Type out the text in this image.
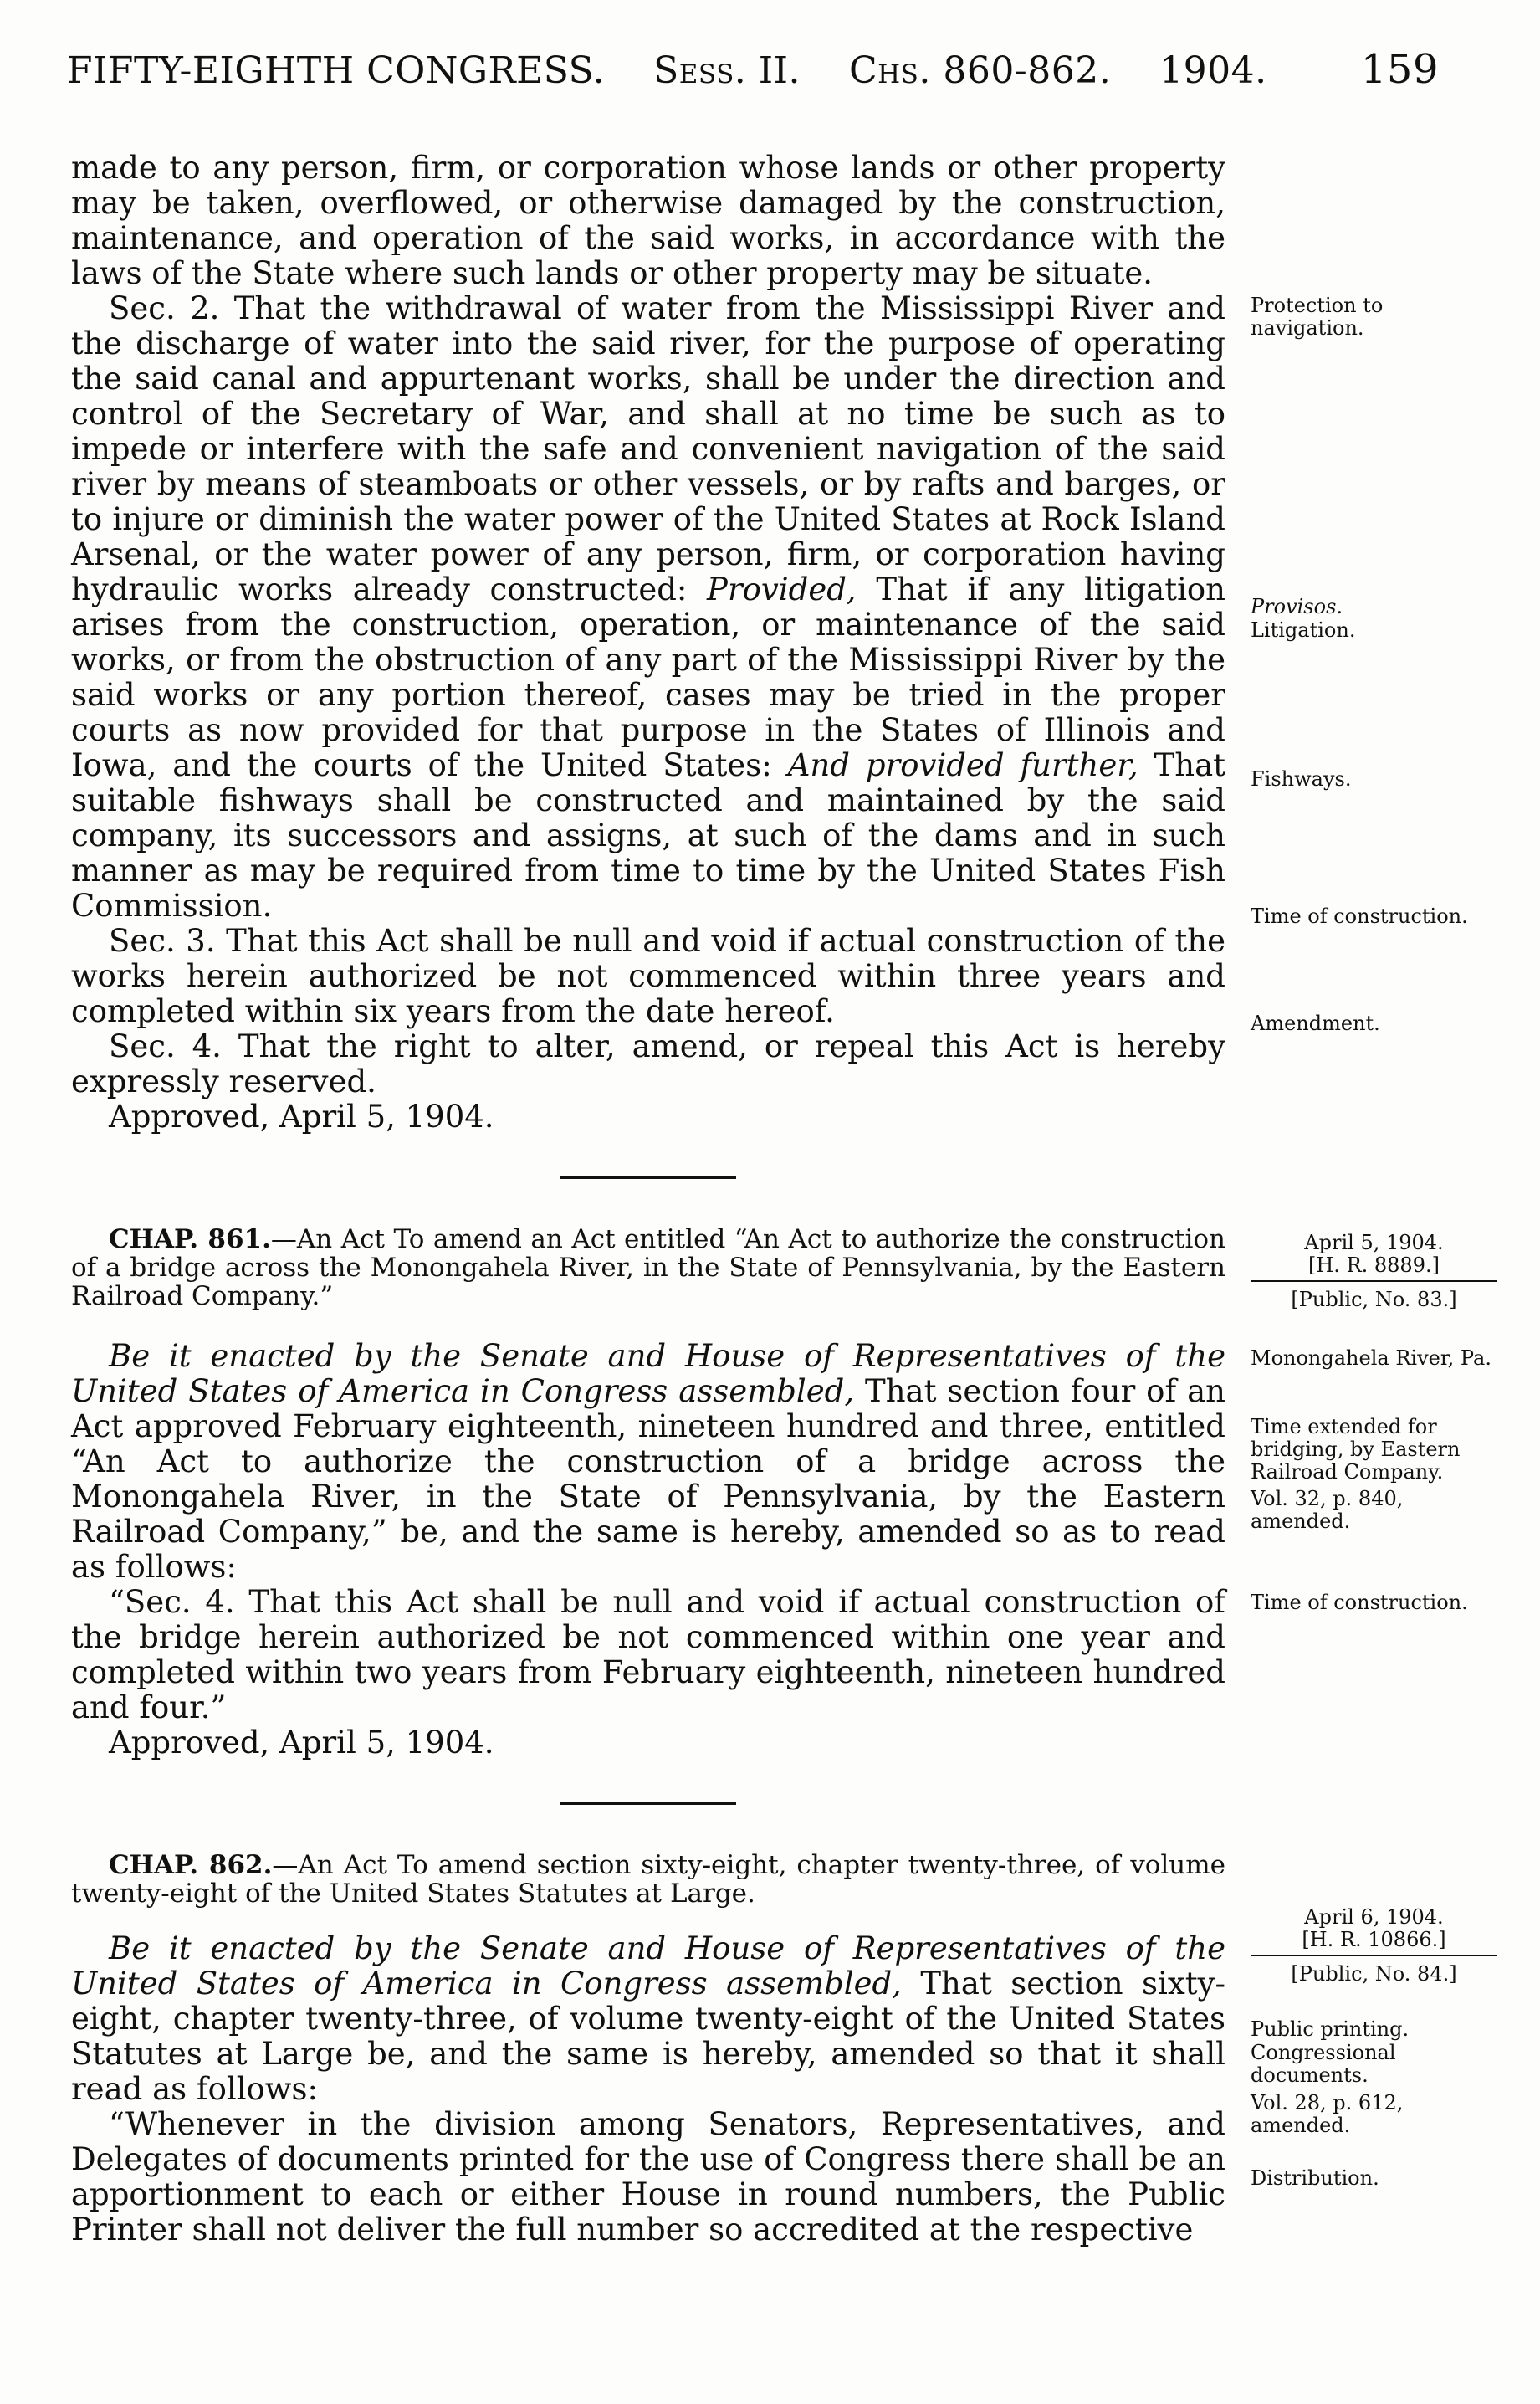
FIFTY-EIGHTH CONGRESS. Sess. II. Chs. 860-862. 1904. 159

made to any person, firm, or corporation whose lands or other property may be taken, overflowed, or otherwise damaged by the construction, maintenance, and operation of the said works, in accordance with the laws of the State where such lands or other property may be situate.

Sec. 2. That the withdrawal of water from the Mississippi River and the discharge of water into the said river, for the purpose of operating the said canal and appurtenant works, shall be under the direction and control of the Secretary of War, and shall at no time be such as to impede or interfere with the safe and convenient navigation of the said river by means of steamboats or other vessels, or by rafts and barges, or to injure or diminish the water power of the United States at Rock Island Arsenal, or the water power of any person, firm, or corporation having hydraulic works already constructed: Provided, That if any litigation arises from the construction, operation, or maintenance of the said works, or from the obstruction of any part of the Mississippi River by the said works or any portion thereof, cases may be tried in the proper courts as now provided for that purpose in the States of Illinois and Iowa, and the courts of the United States: And provided further, That suitable fishways shall be constructed and maintained by the said company, its successors and assigns, at such of the dams and in such manner as may be required from time to time by the United States Fish Commission.

Sec. 3. That this Act shall be null and void if actual construction of the works herein authorized be not commenced within three years and completed within six years from the date hereof.

Sec. 4. That the right to alter, amend, or repeal this Act is hereby expressly reserved.

Approved, April 5, 1904.

CHAP. 861.—An Act To amend an Act entitled “An Act to authorize the construction of a bridge across the Monongahela River, in the State of Pennsylvania, by the Eastern Railroad Company.”

Be it enacted by the Senate and House of Representatives of the United States of America in Congress assembled, That section four of an Act approved February eighteenth, nineteen hundred and three, entitled “An Act to authorize the construction of a bridge across the Monongahela River, in the State of Pennsylvania, by the Eastern Railroad Company,” be, and the same is hereby, amended so as to read as follows:

“Sec. 4. That this Act shall be null and void if actual construction of the bridge herein authorized be not commenced within one year and completed within two years from February eighteenth, nineteen hundred and four.”

Approved, April 5, 1904.

CHAP. 862.—An Act To amend section sixty-eight, chapter twenty-three, of volume twenty-eight of the United States Statutes at Large.

Be it enacted by the Senate and House of Representatives of the United States of America in Congress assembled, That section sixty-eight, chapter twenty-three, of volume twenty-eight of the United States Statutes at Large be, and the same is hereby, amended so that it shall read as follows:

“Whenever in the division among Senators, Representatives, and Delegates of documents printed for the use of Congress there shall be an apportionment to each or either House in round numbers, the Public Printer shall not deliver the full number so accredited at the respective

Protection to navigation.
Provisos.
Litigation.
Fishways.
Time of construction.
Amendment.
April 5, 1904.

[H. R. 8889.]
[Public, No. 83.]
Monongahela River, Pa.
Time extended for bridging, by Eastern Railroad Company.
Vol. 32, p. 840, amended.
Time of construction.
April 6, 1904.

[H. R. 10866.]
[Public, No. 84.]
Public printing.
Congressional documents.
Vol. 28, p. 612, amended.
Distribution.
